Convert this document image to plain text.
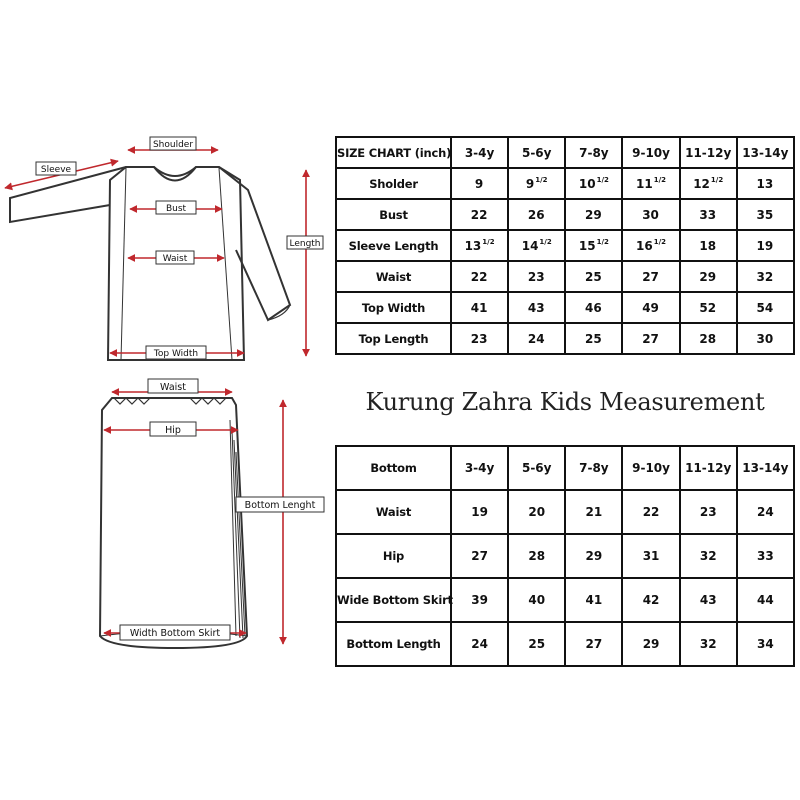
Shoulder
Sleeve
Bust
Waist
Length
Top Width
Waist
Hip
Bottom Lenght
Width Bottom Skirt
SIZE CHART (inch)	3-4y	5-6y	7-8y	9-10y	11-12y	13-14y
Sholder	9	$9^{1/2}$	$10^{1/2}$	$11^{1/2}$	$12^{1/2}$	13
Bust	22	26	29	30	33	35
Sleeve Length	$13^{1/2}$	$14^{1/2}$	$15^{1/2}$	$16^{1/2}$	18	19
Waist	22	23	25	27	29	32
Top Width	41	43	46	49	52	54
Top Length	23	24	25	27	28	30
Kurung Zahra Kids Measurement
Bottom	3-4y	5-6y	7-8y	9-10y	11-12y	13-14y
Waist	19	20	21	22	23	24
Hip	27	28	29	31	32	33
Wide Bottom Skirt	39	40	41	42	43	44
Bottom Length	24	25	27	29	32	34
